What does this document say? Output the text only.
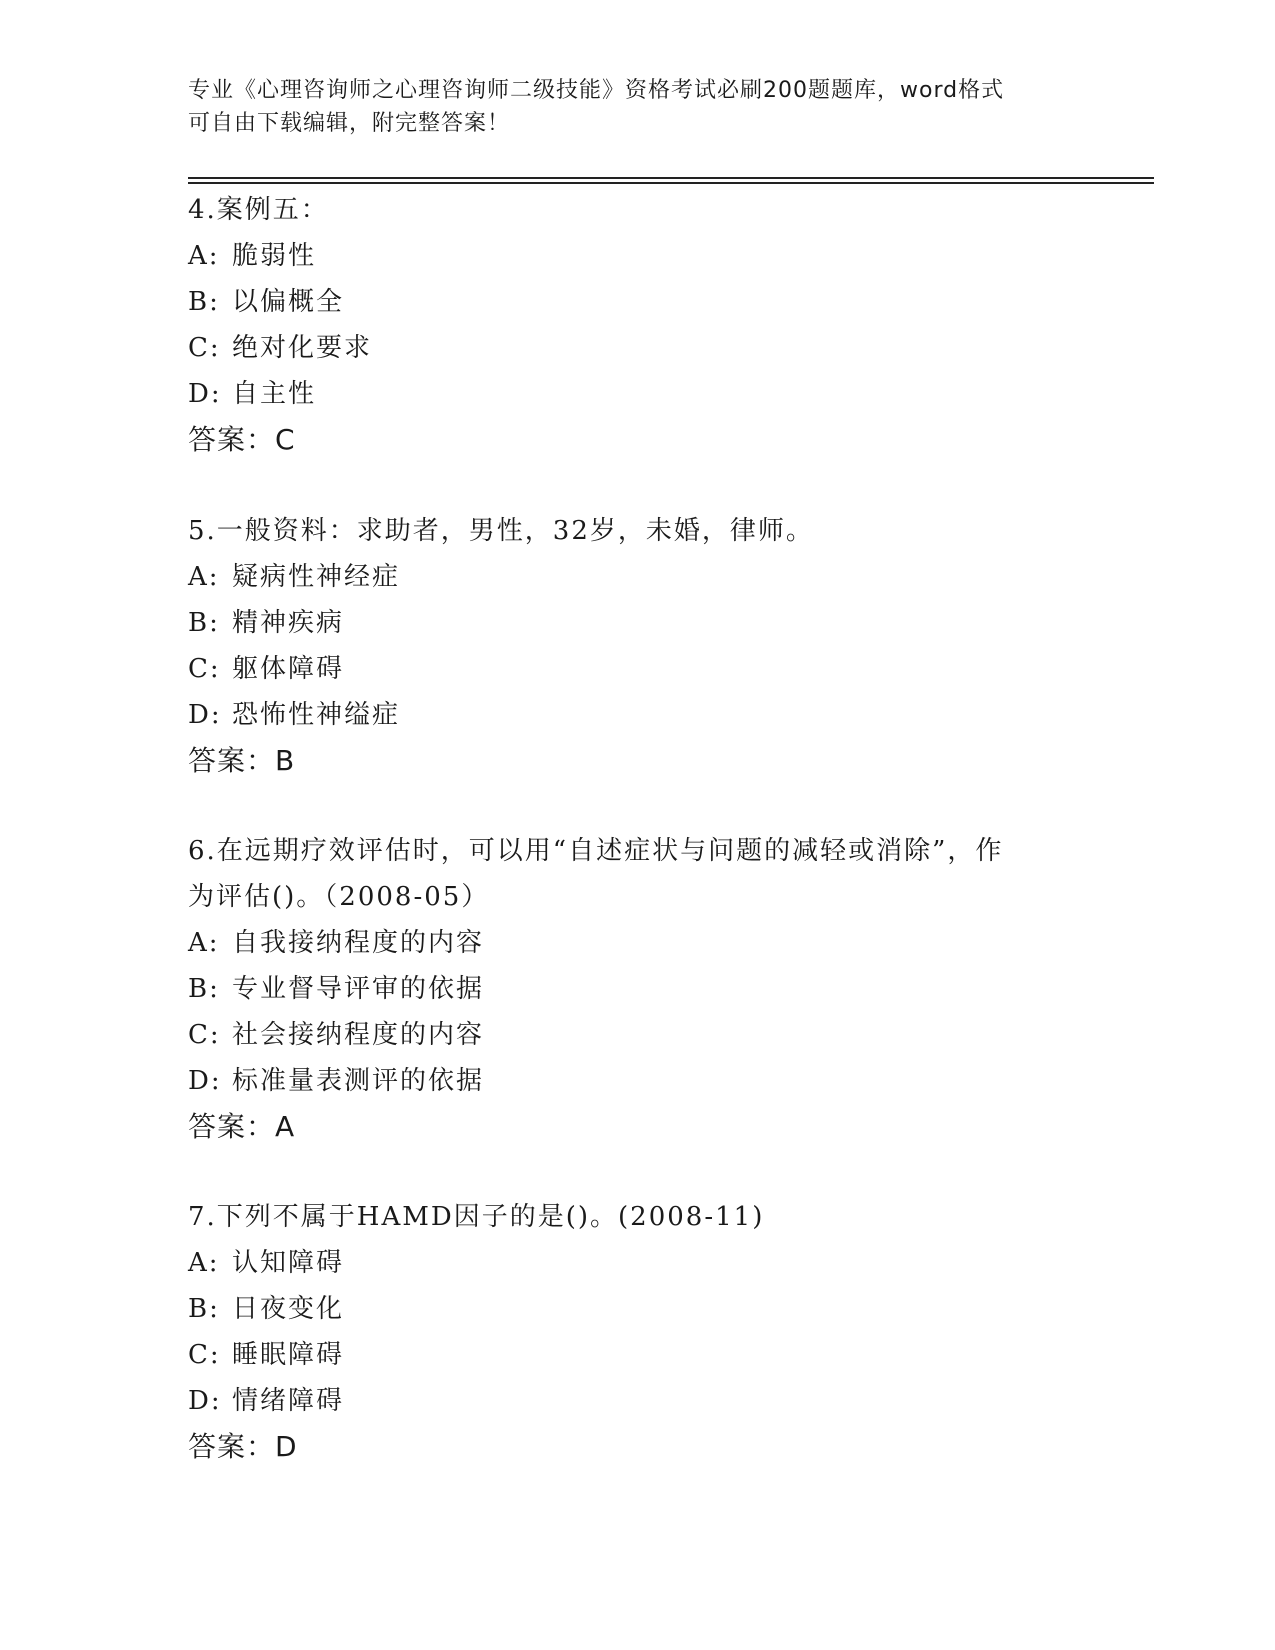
专业《心理咨询师之心理咨询师二级技能》资格考试必刷200题题库，word格式
可自由下载编辑，附完整答案！
4.案例五：
A: 脆弱性
B: 以偏概全
C: 绝对化要求
D: 自主性
答案：C
5.一般资料：求助者，男性，32岁，未婚，律师。
A: 疑病性神经症
B: 精神疾病
C: 躯体障碍
D: 恐怖性神缢症
答案：B
6.在远期疗效评估时，可以用“自述症状与问题的减轻或消除”，作
为评估()。（2008-05）
A: 自我接纳程度的内容
B: 专业督导评审的依据
C: 社会接纳程度的内容
D: 标准量表测评的依据
答案：A
7.下列不属于HAMD因子的是()。(2008-11)
A: 认知障碍
B: 日夜变化
C: 睡眠障碍
D: 情绪障碍
答案：D
